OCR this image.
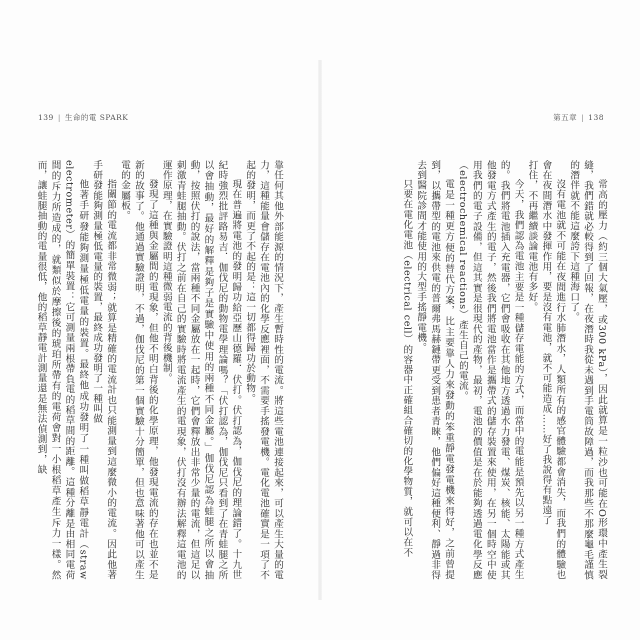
第五章 | 138

常高的壓力（約三個大氣壓，或300 kPa），因此就算是一粒沙也可能在O形環中產生裂縫，我們錯就必較得到了回報，在夜潛時我從未遇到手電筒故障過，而我那些不那麼龜毛謹慎的潛伴就不能這麼誇下這種海口了。

沒有電池就不可能在夜間進行水肺潛水，人類所有的感官體驗都會消失，而我們的體驗也會在夜間潛水中發揮作用，要是沒有電池，就不可能造成……好了我說得有點遠了

打住，不再繼續談論電池有多好。

今天，我們認為電池主要是一種儲存電能的方式，而當中的電能是預先以另一種方式產生的。我們將電池插入充電器，它們會吸收在其他地方透過水力發電、煤炭、核能、太陽能或其他發電方式產生的電子，然後我們將電池當作是攜帶式的儲存裝置來使用，在另一個時空中使用我們的電子設備，但這其實是很現代的產物，最初，電池的價值是在於能夠透過電化學反應（electrochemical reactions）產生自己的電流。

電是一種更方便的替代方案，比主要靠人力來發動的笨重靜電發電機來得好，之前曾提到，以攜帶型的電池來供電的普爾弗馬赫鏈帶更受到患者青睞，他們偏好這種便利、靜過非得去到醫院診間才能使用的大型手搖靜電機。

只要在電化電池（electrical cell）的容器中正確組合確切的化學物質，就可以在不

139 | 生命的電 SPARK

靠任何其他外部能源的情況下，產生暫時性的電流。將這些電池連接起來，可以產生大量的電力，這種能量會儲存在電池內的化學反應裡面，不需要手搖發電機。電化電池確實是一項了不起的發明，而更了不起的是：這一切都得歸功於動物。

現在普遍將電池的發明歸功給亞歷山德羅．伏打。伏打認為，伽伐尼的理論錯了。十九世紀時強烈批評路易吉．伽伐尼的動物電學理論嗎？「伏打認為，伽伐尼只看到了在青蛙腿之所以會抽動，最好的解釋是夠子是實驗中使用的兩種不同金屬。」伽伐尼認為蛙腿之所以會抽動，按照伏打的說法，當兩種不同金屬放在一起時，它們會釋放出非常少量的電流，但這足以刺激青蛙腿抽動。伏打之前在自己的實驗時將電流產生的電現象，伏打沒有辦法解釋這電池的運作原理，在實驗證明這種微弱電流的背後機制。

發現了這種與金屬間的電現象，但他不明白背後的化學原理，他發現電流的存在也並不是新的故事了。他通過實驗證明，不過，伽伐尼的第一個實驗十分簡單，但也意味著他可以產生電的金屬板。

指關節的電流都非常微弱；就算是精確的電流計也只能測量到這麼微小的電流。因此他著手研發能夠測量極低電量的裝置，最終成功發明了一種叫做

他著手研發能夠測量極低電量的裝置。最終他成功發明了一種叫做稻草靜電計（straw electrometer）的簡單裝置：它可測量兩根帶負電的稻草間的距離。這種分離是由相同電荷間的斥力所造成的，就類似於摩擦後的琥珀所帶有的電荷會對一小根稻草產生斥力一樣。然而，讓蛙腿抽動的電量很低，他的稻草靜電計測量還是無法偵測到，缺
